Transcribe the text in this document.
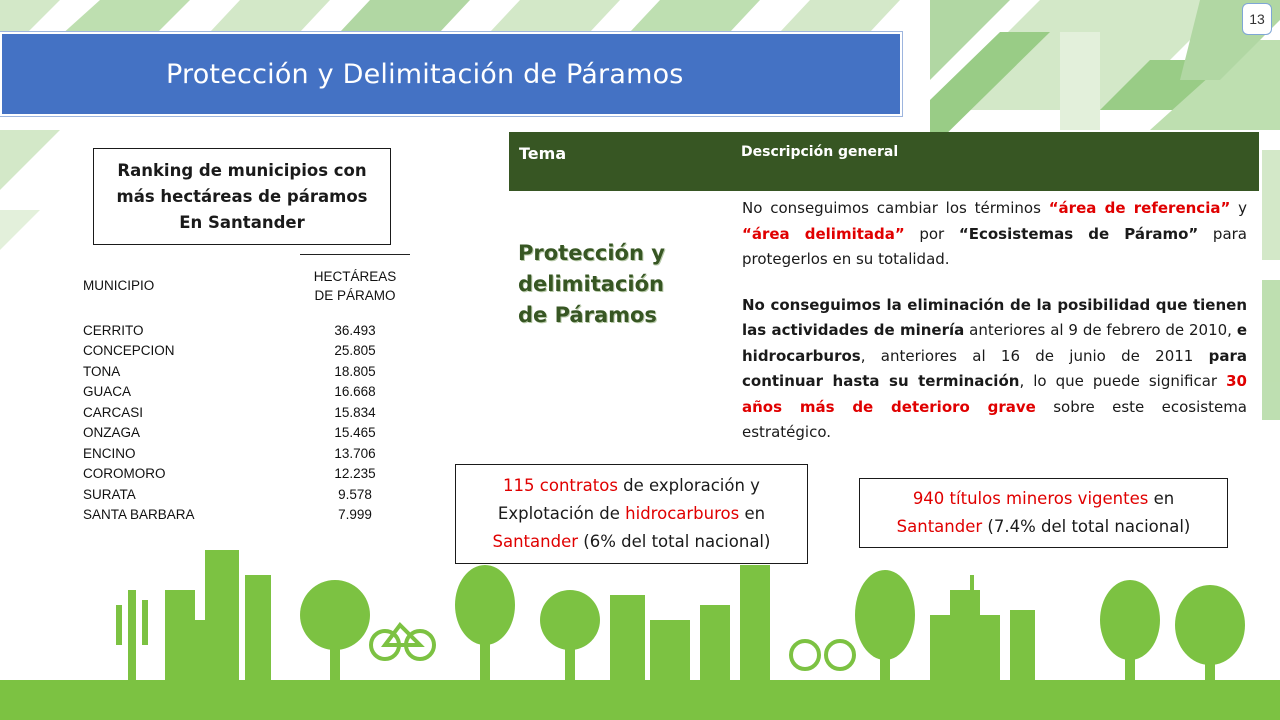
13
Protección y Delimitación de Páramos
Ranking de municipios con
más hectáreas de páramos
En Santander
MUNICIPIO
HECTÁREAS
DE PÁRAMO
CERRITO	36.493
CONCEPCION	25.805
TONA	18.805
GUACA	16.668
CARCASI	15.834
ONZAGA	15.465
ENCINO	13.706
COROMORO	12.235
SURATA	9.578
SANTA BARBARA	7.999
Tema	Descripción general
Protección y
delimitación
de Páramos

No conseguimos cambiar los términos “área de referencia” y “área delimitada” por “Ecosistemas de Páramo” para protegerlos en su totalidad.

No conseguimos la eliminación de la posibilidad que tienen las actividades de minería anteriores al 9 de febrero de 2010, e hidrocarburos, anteriores al 16 de junio de 2011 para continuar hasta su terminación, lo que puede significar 30 años más de deterioro grave sobre este ecosistema estratégico.

115 contratos de exploración y
Explotación de hidrocarburos en
Santander (6% del total nacional)
940 títulos mineros vigentes en
Santander (7.4% del total nacional)
